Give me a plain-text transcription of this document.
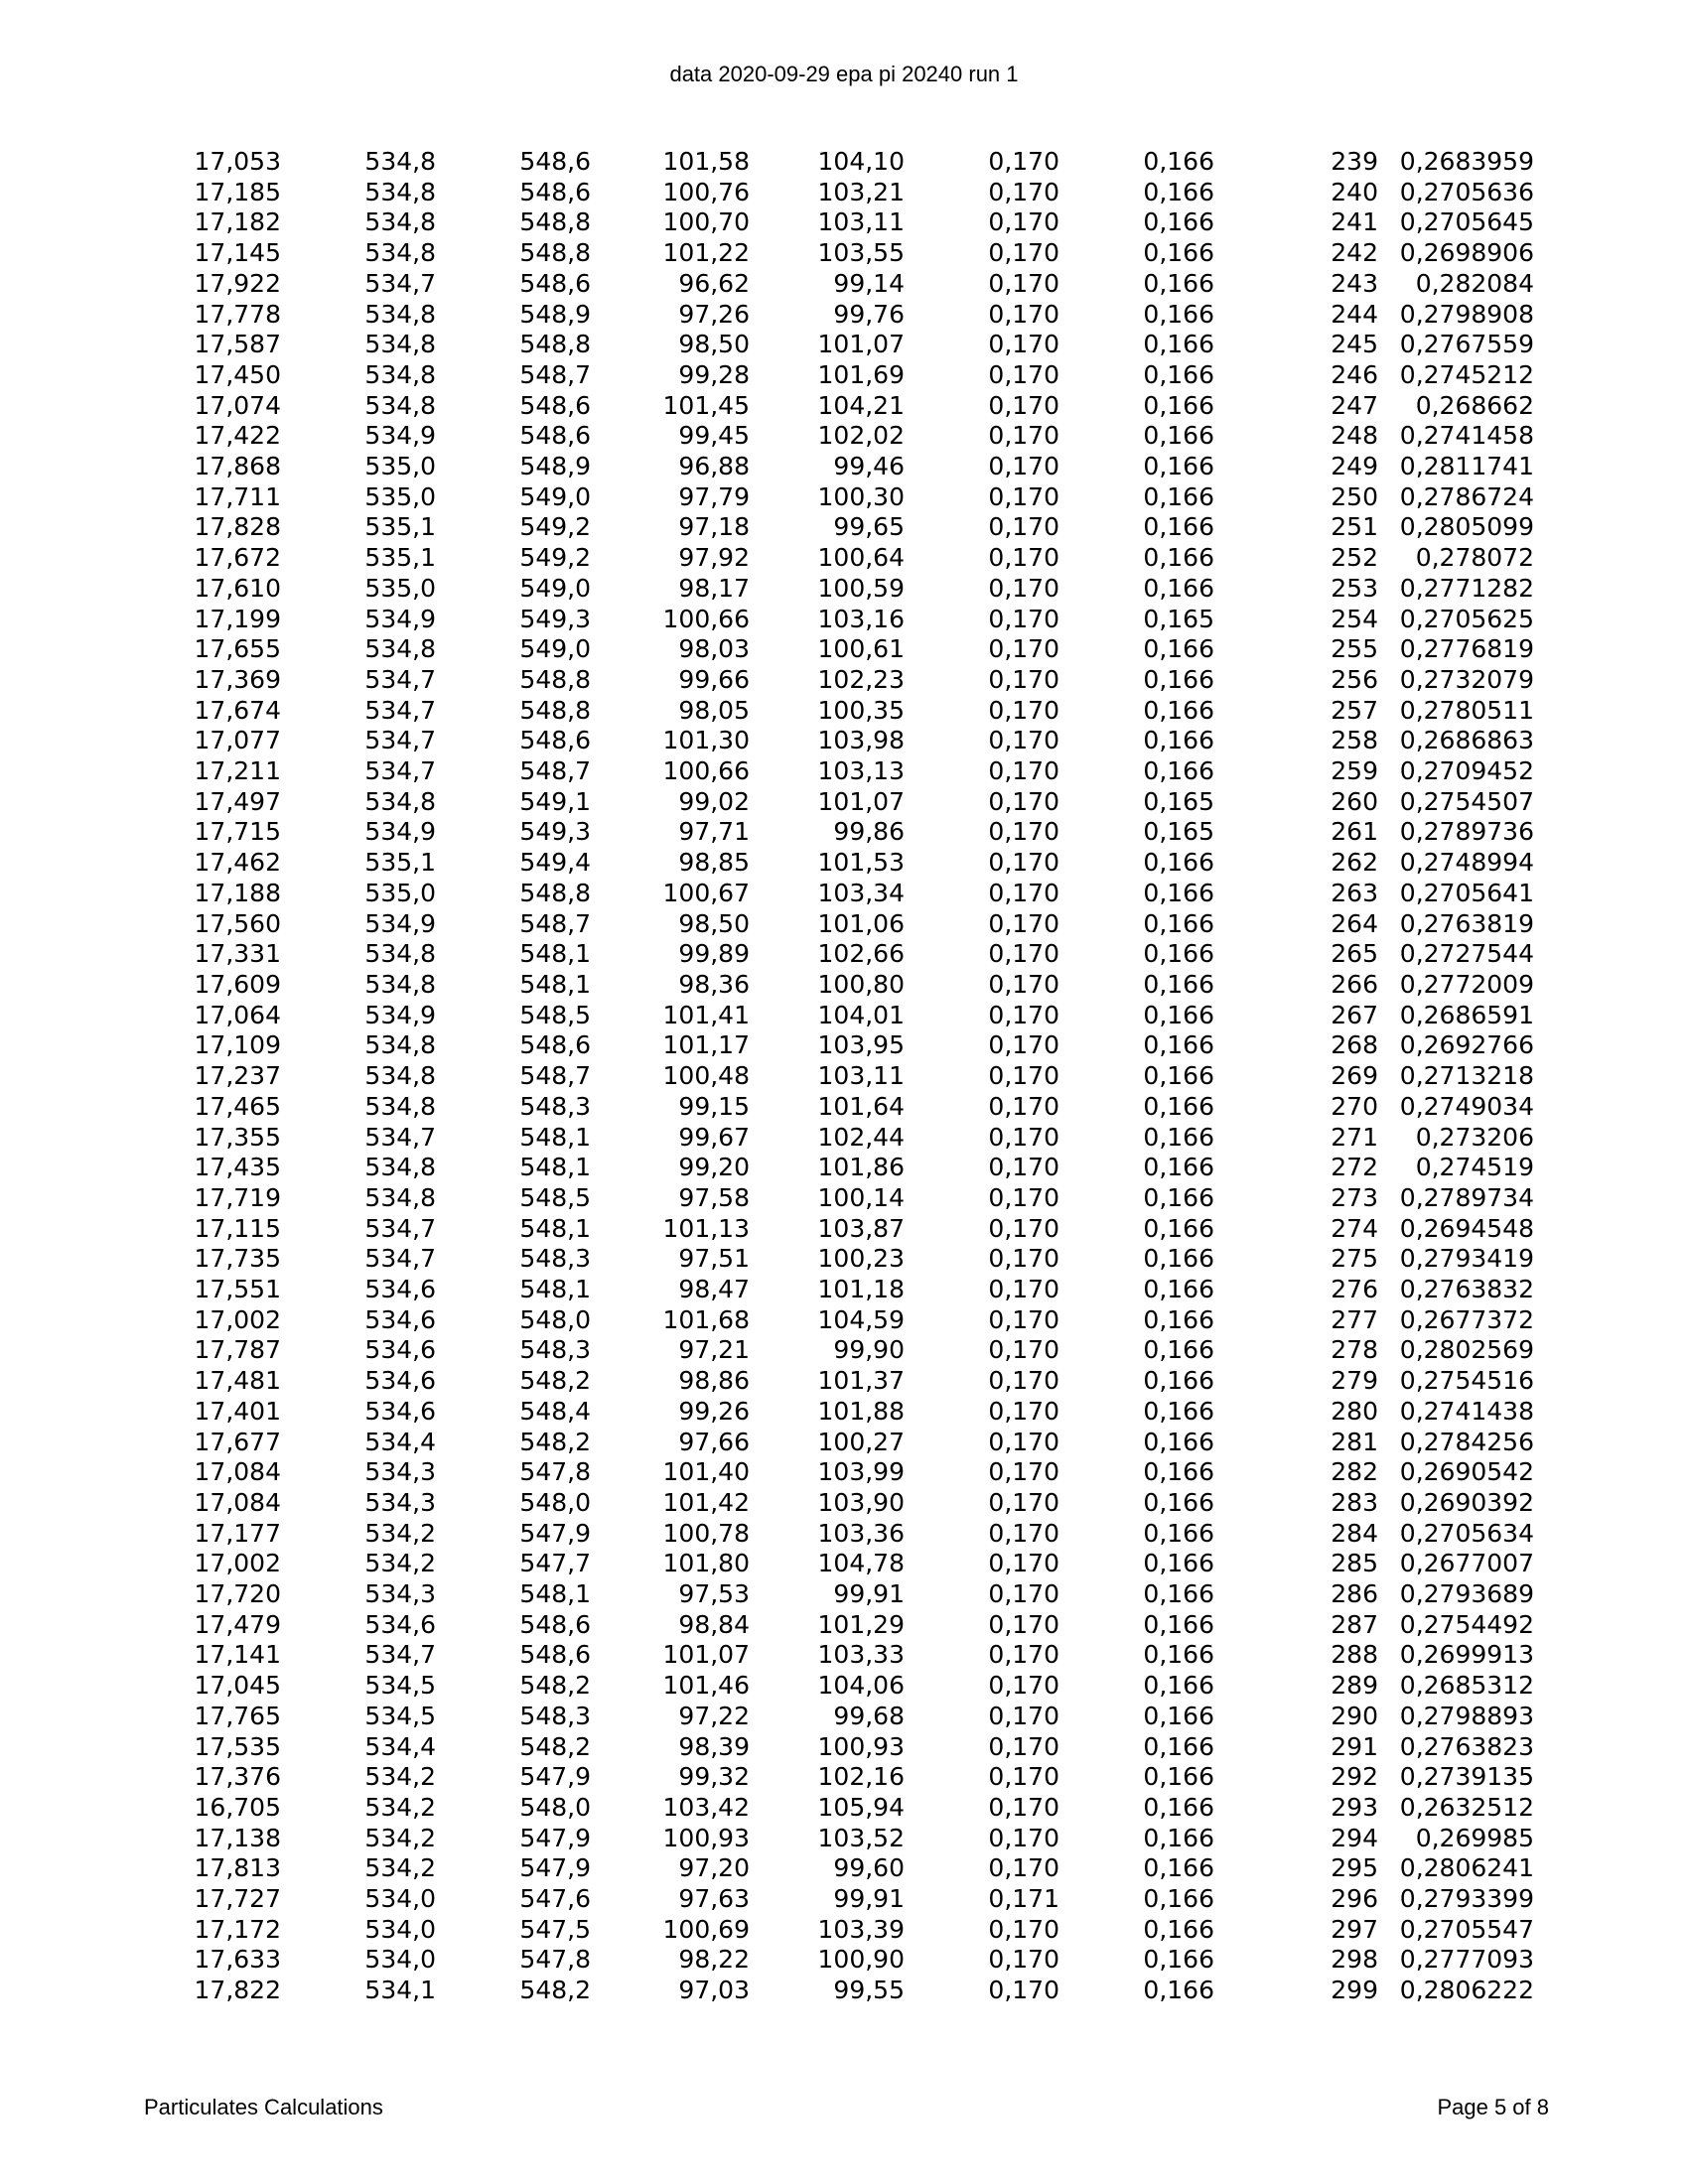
data 2020-09-29 epa pi 20240 run 1
17,053	534,8	548,6	101,58	104,10	0,170	0,166	239	0,2683959
17,185	534,8	548,6	100,76	103,21	0,170	0,166	240	0,2705636
17,182	534,8	548,8	100,70	103,11	0,170	0,166	241	0,2705645
17,145	534,8	548,8	101,22	103,55	0,170	0,166	242	0,2698906
17,922	534,7	548,6	96,62	99,14	0,170	0,166	243	0,282084
17,778	534,8	548,9	97,26	99,76	0,170	0,166	244	0,2798908
17,587	534,8	548,8	98,50	101,07	0,170	0,166	245	0,2767559
17,450	534,8	548,7	99,28	101,69	0,170	0,166	246	0,2745212
17,074	534,8	548,6	101,45	104,21	0,170	0,166	247	0,268662
17,422	534,9	548,6	99,45	102,02	0,170	0,166	248	0,2741458
17,868	535,0	548,9	96,88	99,46	0,170	0,166	249	0,2811741
17,711	535,0	549,0	97,79	100,30	0,170	0,166	250	0,2786724
17,828	535,1	549,2	97,18	99,65	0,170	0,166	251	0,2805099
17,672	535,1	549,2	97,92	100,64	0,170	0,166	252	0,278072
17,610	535,0	549,0	98,17	100,59	0,170	0,166	253	0,2771282
17,199	534,9	549,3	100,66	103,16	0,170	0,165	254	0,2705625
17,655	534,8	549,0	98,03	100,61	0,170	0,166	255	0,2776819
17,369	534,7	548,8	99,66	102,23	0,170	0,166	256	0,2732079
17,674	534,7	548,8	98,05	100,35	0,170	0,166	257	0,2780511
17,077	534,7	548,6	101,30	103,98	0,170	0,166	258	0,2686863
17,211	534,7	548,7	100,66	103,13	0,170	0,166	259	0,2709452
17,497	534,8	549,1	99,02	101,07	0,170	0,165	260	0,2754507
17,715	534,9	549,3	97,71	99,86	0,170	0,165	261	0,2789736
17,462	535,1	549,4	98,85	101,53	0,170	0,166	262	0,2748994
17,188	535,0	548,8	100,67	103,34	0,170	0,166	263	0,2705641
17,560	534,9	548,7	98,50	101,06	0,170	0,166	264	0,2763819
17,331	534,8	548,1	99,89	102,66	0,170	0,166	265	0,2727544
17,609	534,8	548,1	98,36	100,80	0,170	0,166	266	0,2772009
17,064	534,9	548,5	101,41	104,01	0,170	0,166	267	0,2686591
17,109	534,8	548,6	101,17	103,95	0,170	0,166	268	0,2692766
17,237	534,8	548,7	100,48	103,11	0,170	0,166	269	0,2713218
17,465	534,8	548,3	99,15	101,64	0,170	0,166	270	0,2749034
17,355	534,7	548,1	99,67	102,44	0,170	0,166	271	0,273206
17,435	534,8	548,1	99,20	101,86	0,170	0,166	272	0,274519
17,719	534,8	548,5	97,58	100,14	0,170	0,166	273	0,2789734
17,115	534,7	548,1	101,13	103,87	0,170	0,166	274	0,2694548
17,735	534,7	548,3	97,51	100,23	0,170	0,166	275	0,2793419
17,551	534,6	548,1	98,47	101,18	0,170	0,166	276	0,2763832
17,002	534,6	548,0	101,68	104,59	0,170	0,166	277	0,2677372
17,787	534,6	548,3	97,21	99,90	0,170	0,166	278	0,2802569
17,481	534,6	548,2	98,86	101,37	0,170	0,166	279	0,2754516
17,401	534,6	548,4	99,26	101,88	0,170	0,166	280	0,2741438
17,677	534,4	548,2	97,66	100,27	0,170	0,166	281	0,2784256
17,084	534,3	547,8	101,40	103,99	0,170	0,166	282	0,2690542
17,084	534,3	548,0	101,42	103,90	0,170	0,166	283	0,2690392
17,177	534,2	547,9	100,78	103,36	0,170	0,166	284	0,2705634
17,002	534,2	547,7	101,80	104,78	0,170	0,166	285	0,2677007
17,720	534,3	548,1	97,53	99,91	0,170	0,166	286	0,2793689
17,479	534,6	548,6	98,84	101,29	0,170	0,166	287	0,2754492
17,141	534,7	548,6	101,07	103,33	0,170	0,166	288	0,2699913
17,045	534,5	548,2	101,46	104,06	0,170	0,166	289	0,2685312
17,765	534,5	548,3	97,22	99,68	0,170	0,166	290	0,2798893
17,535	534,4	548,2	98,39	100,93	0,170	0,166	291	0,2763823
17,376	534,2	547,9	99,32	102,16	0,170	0,166	292	0,2739135
16,705	534,2	548,0	103,42	105,94	0,170	0,166	293	0,2632512
17,138	534,2	547,9	100,93	103,52	0,170	0,166	294	0,269985
17,813	534,2	547,9	97,20	99,60	0,170	0,166	295	0,2806241
17,727	534,0	547,6	97,63	99,91	0,171	0,166	296	0,2793399
17,172	534,0	547,5	100,69	103,39	0,170	0,166	297	0,2705547
17,633	534,0	547,8	98,22	100,90	0,170	0,166	298	0,2777093
17,822	534,1	548,2	97,03	99,55	0,170	0,166	299	0,2806222
Particulates Calculations	Page 5 of 8
